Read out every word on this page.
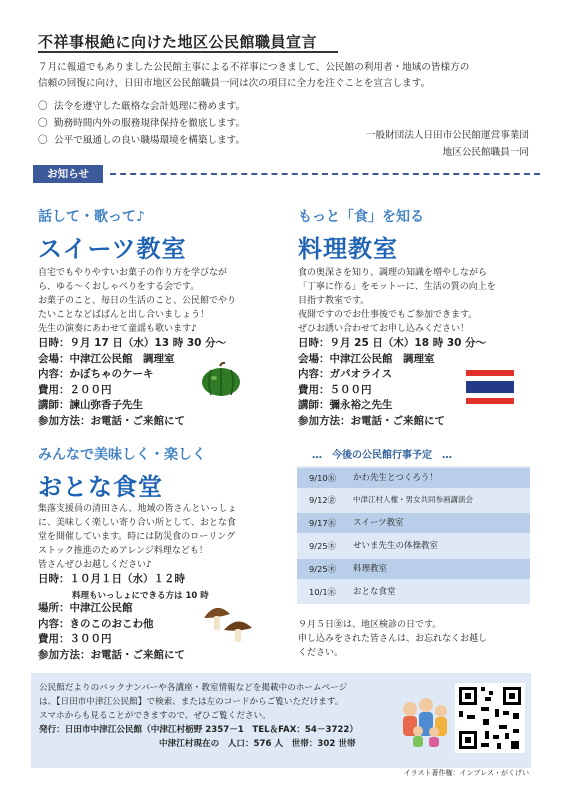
不祥事根絶に向けた地区公民館職員宣言
７月に報道でもありました公民館主事による不祥事につきまして、公民館の利用者・地域の皆様方の
信頼の回復に向け、日田市地区公民館職員一同は次の項目に全力を注ぐことを宣言します。
〇 法令を遵守した厳格な会計処理に務めます。
〇 勤務時間内外の服務規律保持を徹底します。
〇 公平で風通しの良い職場環境を構築します。	一般財団法人日田市公民館運営事業団
地区公民館職員一同
お知らせ
話して・歌って♪
スイーツ教室
自宅でもやりやすいお菓子の作り方を学びなが
ら、ゆる～くおしゃべりをする会です。
お菓子のこと、毎日の生活のこと、公民館でやり
たいことなどぱぱんと出し合いましょう！
先生の演奏にあわせて童謡も歌います♪
日時：９月 17 日（水）13 時 30 分～
会場：中津江公民館　調理室
内容：かぼちゃのケーキ
費用：２００円
講師：諫山弥香子先生
参加方法：お電話・ご来館にて
もっと「食」を知る
料理教室
食の奥深さを知り、調理の知識を増やしながら
「丁寧に作る」をモットーに、生活の質の向上を
目指す教室です。
夜開ですのでお仕事後でもご参加できます。
ぜひお誘い合わせてお申し込みください！
日時：９月 25 日（木）18 時 30 分～
会場：中津江公民館　調理室
内容：ガパオライス
費用：５００円
講師：彌永裕之先生
参加方法：お電話・ご来館にて
みんなで美味しく・楽しく
おとな食堂
集落支援員の清田さん、地域の皆さんといっしょ
に、美味しく楽しい寄り合い所として、おとな食
堂を開催しています。時には防災食のローリング
ストック推進のためアレンジ料理なども！
皆さんぜひお越しください♪
日時：１０月１日（水）１２時
料理もいっしょにできる方は 10 時
場所：中津江公民館
内容：きのこのおこわ他
費用：３００円
参加方法：お電話・ご来館にて
…　今後の公民館行事予定　…
9/10㊌ かわ先生とつくろう！
9/12㊎ 中津江村人権・男女共同参画講演会
9/17㊌ スイーツ教室
9/25㊍ せいま先生の体操教室
9/25㊍ 料理教室
10/1㊌ おとな食堂
９月５日㊎は、地区検診の日です。
申し込みをされた皆さんは、お忘れなくお越し
ください。
公民館だよりのバックナンバーや各講座・教室情報などを掲載中のホームページ
は、【日田市中津江公民館】で検索、または左のコードからご覧いただけます。
スマホからも見ることができますので、ぜひご覧ください。
発行：日田市中津江公民館（中津江村栃野 2357－1　TEL＆FAX：54－3722）
中津江村現在の　人口：576 人　世帯：302 世帯
イラスト著作権：インプレス・がくげい
